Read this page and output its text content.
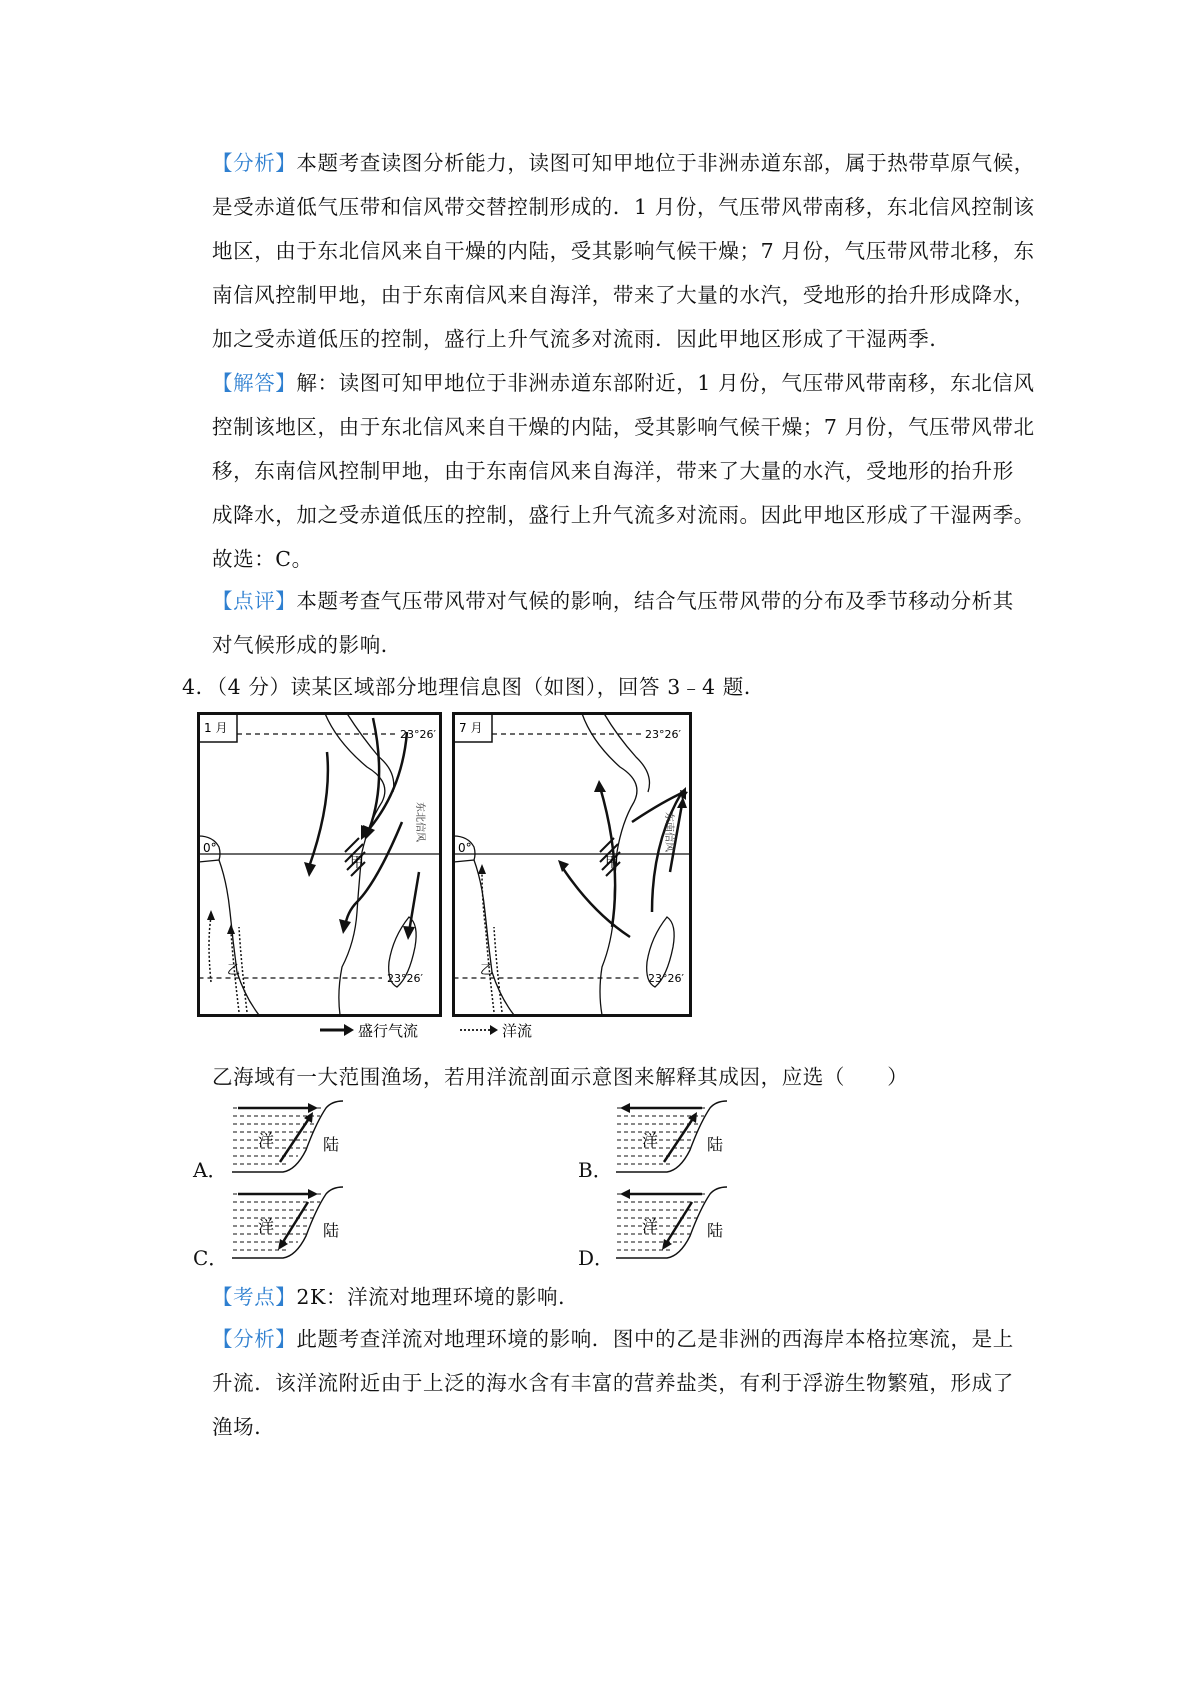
【分析】本题考查读图分析能力，读图可知甲地位于非洲赤道东部，属于热带草原气候，
是受赤道低气压带和信风带交替控制形成的．1 月份，气压带风带南移，东北信风控制该
地区，由于东北信风来自干燥的内陆，受其影响气候干燥；7 月份，气压带风带北移，东
南信风控制甲地，由于东南信风来自海洋，带来了大量的水汽，受地形的抬升形成降水，
加之受赤道低压的控制，盛行上升气流多对流雨．因此甲地区形成了干湿两季．
【解答】解：读图可知甲地位于非洲赤道东部附近，1 月份，气压带风带南移，东北信风
控制该地区，由于东北信风来自干燥的内陆，受其影响气候干燥；7 月份，气压带风带北
移，东南信风控制甲地，由于东南信风来自海洋，带来了大量的水汽，受地形的抬升形
成降水，加之受赤道低压的控制，盛行上升气流多对流雨。因此甲地区形成了干湿两季。
故选：C。
【点评】本题考查气压带风带对气候的影响，结合气压带风带的分布及季节移动分析其
对气候形成的影响．
4．（4 分）读某区域部分地理信息图（如图），回答 3﹣4 题．
1 月	23°26′
0°
23°26′
甲
东北信风
乙
7 月	23°26′
0°
23°26′
甲
东南信风
乙
盛行气流	洋流
乙海域有一大范围渔场，若用洋流剖面示意图来解释其成因，应选（　　）
A．
洋	陆
B．
洋	陆
C．
洋	陆
D．
洋	陆
【考点】2K：洋流对地理环境的影响．
【分析】此题考查洋流对地理环境的影响．图中的乙是非洲的西海岸本格拉寒流，是上
升流．该洋流附近由于上泛的海水含有丰富的营养盐类，有利于浮游生物繁殖，形成了
渔场．
